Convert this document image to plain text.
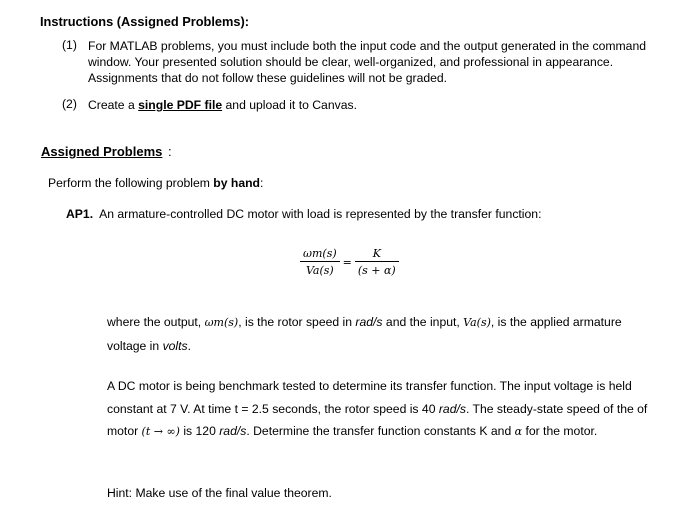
Instructions (Assigned Problems):
(1) For MATLAB problems, you must include both the input code and the output generated in the command window. Your presented solution should be clear, well-organized, and professional in appearance. Assignments that do not follow these guidelines will not be graded.
(2) Create a single PDF file and upload it to Canvas.
Assigned Problems :
Perform the following problem by hand:
AP1. An armature-controlled DC motor with load is represented by the transfer function:
$\frac{\omega m(s)}{Va(s)} = \frac{K}{(s + \alpha)}$
where the output, ωm(s), is the rotor speed in rad/s and the input, Va(s), is the applied armature voltage in volts.
A DC motor is being benchmark tested to determine its transfer function. The input voltage is held constant at 7 V. At time t = 2.5 seconds, the rotor speed is 40 rad/s. The steady-state speed of the of motor (t → ∞) is 120 rad/s. Determine the transfer function constants K and α for the motor.
Hint: Make use of the final value theorem.
